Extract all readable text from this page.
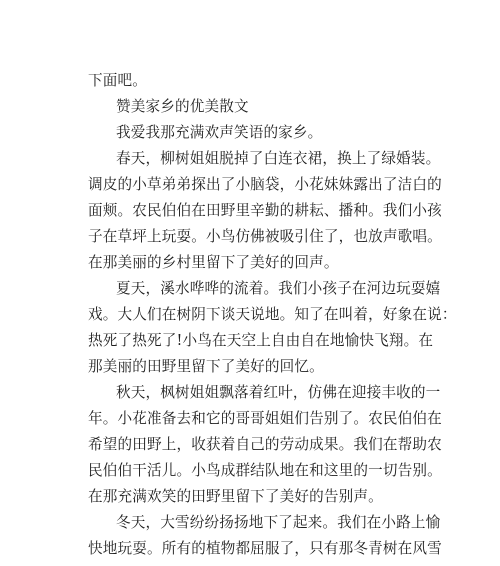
下面吧。
赞美家乡的优美散文
我爱我那充满欢声笑语的家乡。
春天，柳树姐姐脱掉了白连衣裙，换上了绿婚装。
调皮的小草弟弟探出了小脑袋，小花妹妹露出了洁白的
面颊。农民伯伯在田野里辛勤的耕耘、播种。我们小孩
子在草坪上玩耍。小鸟仿佛被吸引住了，也放声歌唱。
在那美丽的乡村里留下了美好的回声。
夏天，溪水哗哗的流着。我们小孩子在河边玩耍嬉
戏。大人们在树阴下谈天说地。知了在叫着，好象在说：
热死了热死了!小鸟在天空上自由自在地愉快飞翔。在
那美丽的田野里留下了美好的回忆。
秋天，枫树姐姐飘落着红叶，仿佛在迎接丰收的一
年。小花准备去和它的哥哥姐姐们告别了。农民伯伯在
希望的田野上，收获着自己的劳动成果。我们在帮助农
民伯伯干活儿。小鸟成群结队地在和这里的一切告别。
在那充满欢笑的田野里留下了美好的告别声。
冬天，大雪纷纷扬扬地下了起来。我们在小路上愉
快地玩耍。所有的植物都屈服了，只有那冬青树在风雪
